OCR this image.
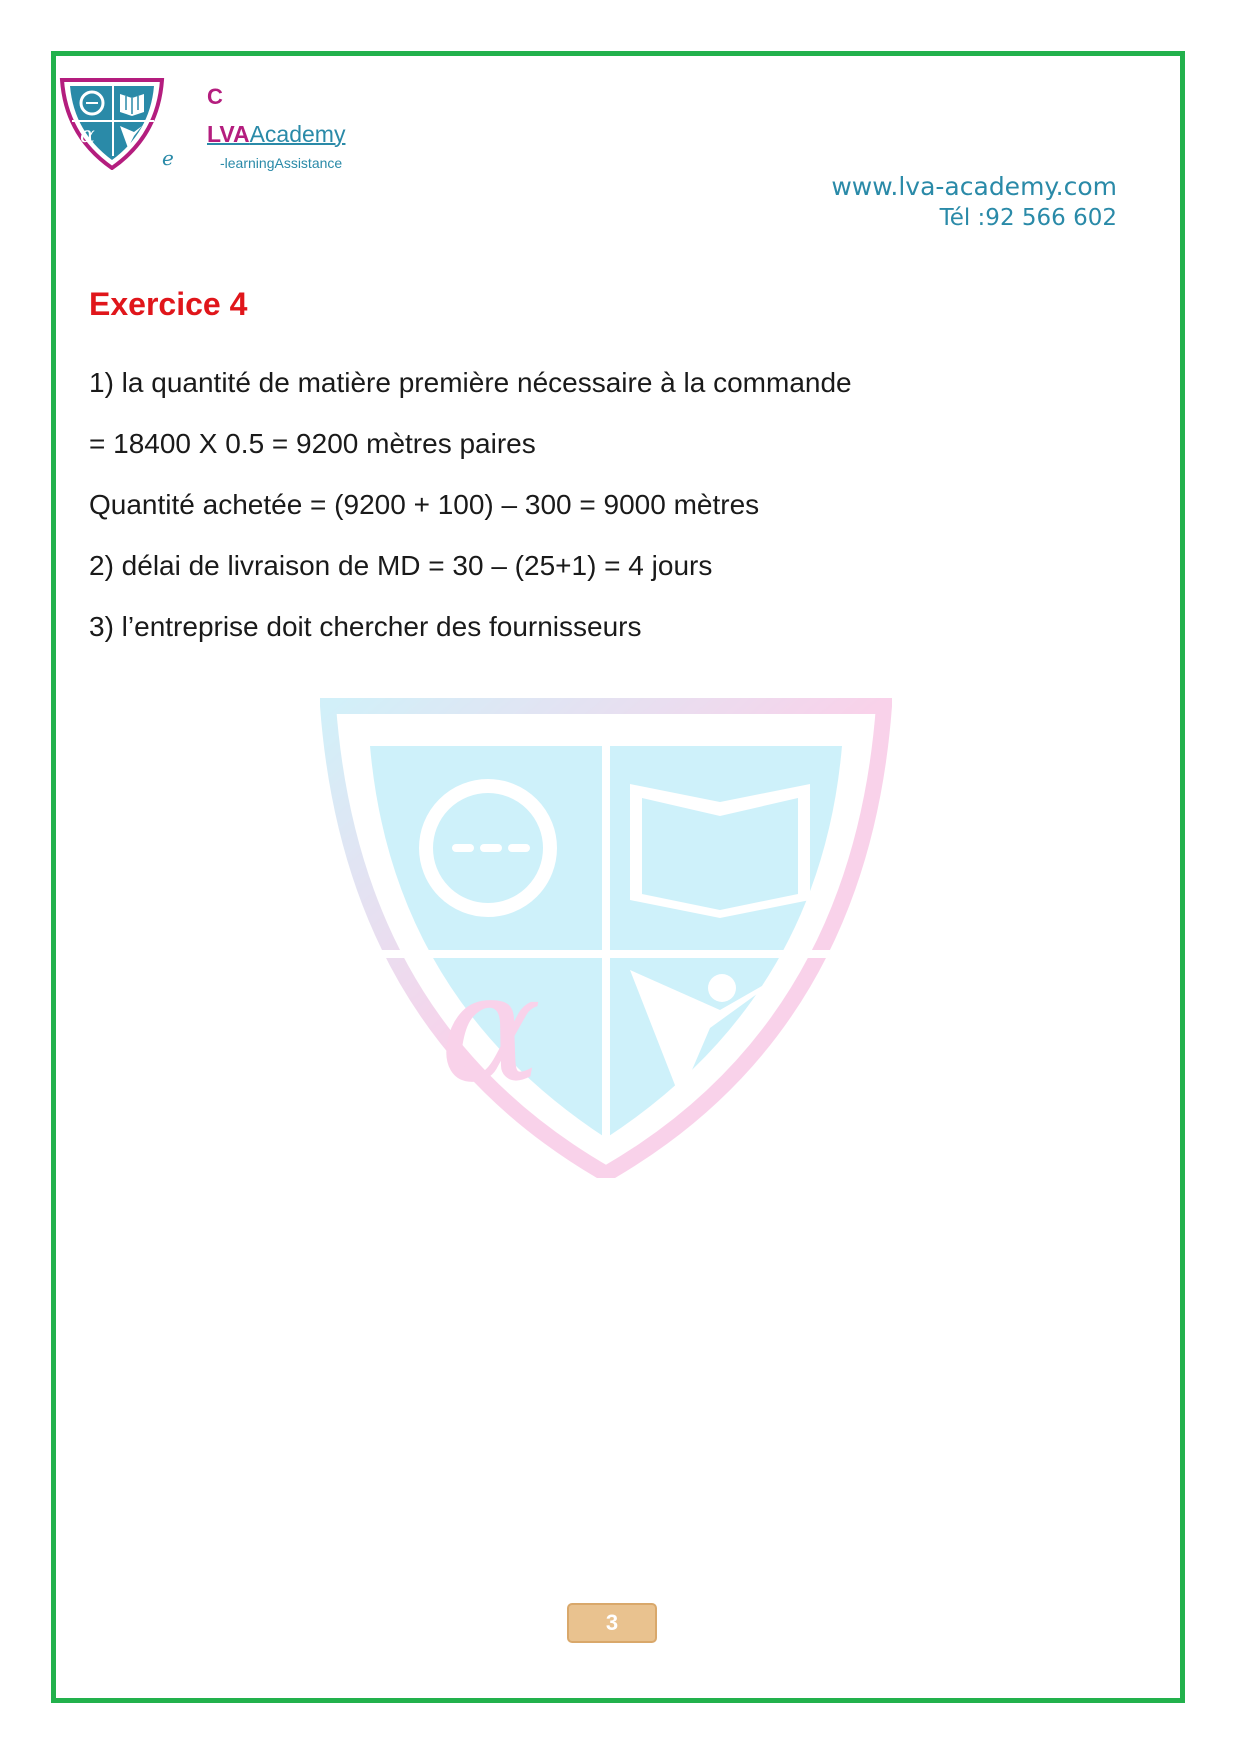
α
e
C
LVAAcademy
-learningAssistance
www.lva-academy.com
Tél :92 566 602
α
Exercice 4

1) la quantité de matière première nécessaire à la commande

= 18400 X 0.5 = 9200 mètres paires

Quantité achetée = (9200 + 100) – 300 = 9000 mètres

2) délai de livraison de MD = 30 – (25+1) = 4 jours

3) l’entreprise doit chercher des fournisseurs

3
